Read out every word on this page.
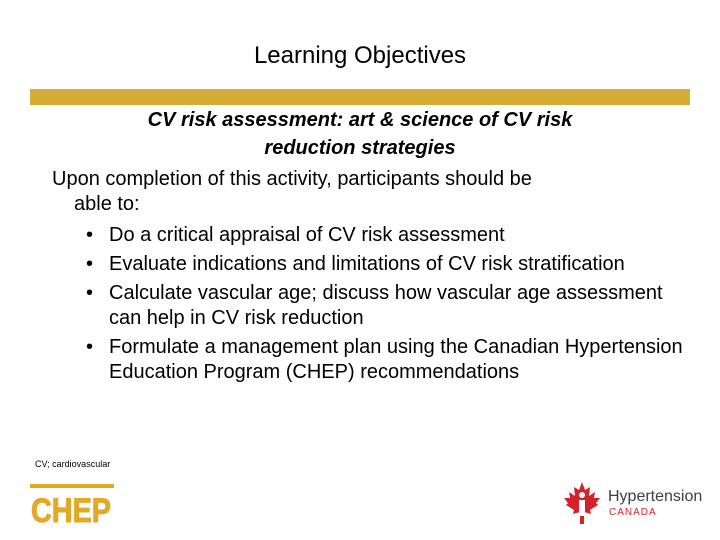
Learning Objectives
CV risk assessment: art & science of CV risk
reduction strategies
Upon completion of this activity, participants should be
able to:
• Do a critical appraisal of CV risk assessment
• Evaluate indications and limitations of CV risk stratification
• Calculate vascular age; discuss how vascular age assessment can help in CV risk reduction
• Formulate a management plan using the Canadian Hypertension Education Program (CHEP) recommendations
CV; cardiovascular
CHEP	Hypertension
CANADA
